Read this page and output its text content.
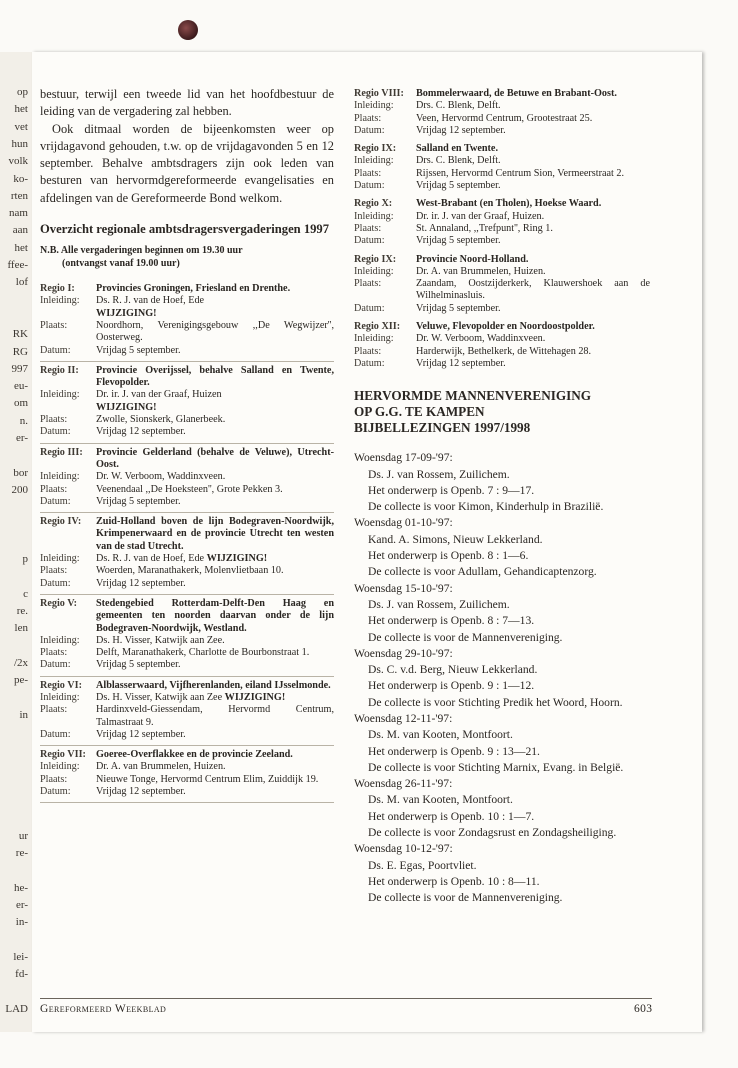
op
het
vet
hun
volk
ko-
rten
nam
aan
het
ffee-
lof
RK
RG
997
eu-
om
n.
er-
bor
200
p
c
re.
len
/2x
pe-
in
ur
re-
he-
er-
in-
lei-
fd-
LAD

bestuur, terwijl een tweede lid van het hoofdbestuur de leiding van de vergadering zal hebben.

Ook ditmaal worden de bijeenkomsten weer op vrijdagavond gehouden, t.w. op de vrijdagavonden 5 en 12 september. Behalve ambtsdragers zijn ook leden van besturen van hervormdgereformeerde evangelisaties en afdelingen van de Gereformeerde Bond welkom.

Overzicht regionale ambtsdragersvergaderingen 1997
N.B. Alle vergaderingen beginnen om 19.30 uur
(ontvangst vanaf 19.00 uur)
Regio I:	Provincies Groningen, Friesland en Drenthe.
Inleiding:	Ds. R. J. van de Hoef, Ede
WIJZIGING!
Plaats:	Noordhorn, Verenigingsgebouw ,,De Wegwijzer'', Oosterweg.
Datum:	Vrijdag 5 september.
Regio II:	Provincie Overijssel, behalve Salland en Twente, Flevopolder.
Inleiding:	Dr. ir. J. van der Graaf, Huizen
WIJZIGING!
Plaats:	Zwolle, Sionskerk, Glanerbeek.
Datum:	Vrijdag 12 september.
Regio III:	Provincie Gelderland (behalve de Veluwe), Utrecht-Oost.
Inleiding:	Dr. W. Verboom, Waddinxveen.
Plaats:	Veenendaal ,,De Hoeksteen'', Grote Pekken 3.
Datum:	Vrijdag 5 september.
Regio IV:	Zuid-Holland boven de lijn Bodegraven-Noordwijk, Krimpenerwaard en de provincie Utrecht ten westen van de stad Utrecht.
Inleiding:	Ds. R. J. van de Hoef, Ede WIJZIGING!
Plaats:	Woerden, Maranathakerk, Molenvlietbaan 10.
Datum:	Vrijdag 12 september.
Regio V:	Stedengebied Rotterdam-Delft-Den Haag en gemeenten ten noorden daarvan onder de lijn Bodegraven-Noordwijk, Westland.
Inleiding:	Ds. H. Visser, Katwijk aan Zee.
Plaats:	Delft, Maranathakerk, Charlotte de Bourbonstraat 1.
Datum:	Vrijdag 5 september.
Regio VI:	Alblasserwaard, Vijfherenlanden, eiland IJsselmonde.
Inleiding:	Ds. H. Visser, Katwijk aan Zee WIJZIGING!
Plaats:	Hardinxveld-Giessendam, Hervormd Centrum, Talmastraat 9.
Datum:	Vrijdag 12 september.
Regio VII: Goeree-Overflakkee en de provincie Zeeland.
Inleiding:	Dr. A. van Brummelen, Huizen.
Plaats:	Nieuwe Tonge, Hervormd Centrum Elim, Zuiddijk 19.
Datum:	Vrijdag 12 september.
Regio VIII:	Bommelerwaard, de Betuwe en Brabant-Oost.
Inleiding:	Drs. C. Blenk, Delft.
Plaats:	Veen, Hervormd Centrum, Grootestraat 25.
Datum:	Vrijdag 12 september.
Regio IX:	Salland en Twente.
Inleiding:	Drs. C. Blenk, Delft.
Plaats:	Rijssen, Hervormd Centrum Sion, Vermeerstraat 2.
Datum:	Vrijdag 5 september.
Regio X:	West-Brabant (en Tholen), Hoekse Waard.
Inleiding:	Dr. ir. J. van der Graaf, Huizen.
Plaats:	St. Annaland, ,,Trefpunt'', Ring 1.
Datum:	Vrijdag 5 september.
Regio IX:	Provincie Noord-Holland.
Inleiding:	Dr. A. van Brummelen, Huizen.
Plaats:	Zaandam, Oostzijderkerk, Klauwershoek aan de Wilhelminasluis.
Datum:	Vrijdag 5 september.
Regio XII:	Veluwe, Flevopolder en Noordoostpolder.
Inleiding:	Dr. W. Verboom, Waddinxveen.
Plaats:	Harderwijk, Bethelkerk, de Wittehagen 28.
Datum:	Vrijdag 12 september.
HERVORMDE MANNENVERENIGING
OP G.G. TE KAMPEN
BIJBELLEZINGEN 1997/1998
Woensdag 17-09-'97:
Ds. J. van Rossem, Zuilichem.
Het onderwerp is Openb. 7 : 9—17.
De collecte is voor Kimon, Kinderhulp in Brazilië.
Woensdag 01-10-'97:
Kand. A. Simons, Nieuw Lekkerland.
Het onderwerp is Openb. 8 : 1—6.
De collecte is voor Adullam, Gehandicaptenzorg.
Woensdag 15-10-'97:
Ds. J. van Rossem, Zuilichem.
Het onderwerp is Openb. 8 : 7—13.
De collecte is voor de Mannenvereniging.
Woensdag 29-10-'97:
Ds. C. v.d. Berg, Nieuw Lekkerland.
Het onderwerp is Openb. 9 : 1—12.
De collecte is voor Stichting Predik het Woord, Hoorn.
Woensdag 12-11-'97:
Ds. M. van Kooten, Montfoort.
Het onderwerp is Openb. 9 : 13—21.
De collecte is voor Stichting Marnix, Evang. in België.
Woensdag 26-11-'97:
Ds. M. van Kooten, Montfoort.
Het onderwerp is Openb. 10 : 1—7.
De collecte is voor Zondagsrust en Zondagsheiliging.
Woensdag 10-12-'97:
Ds. E. Egas, Poortvliet.
Het onderwerp is Openb. 10 : 8—11.
De collecte is voor de Mannenvereniging.
Gereformeerd Weekblad	603
